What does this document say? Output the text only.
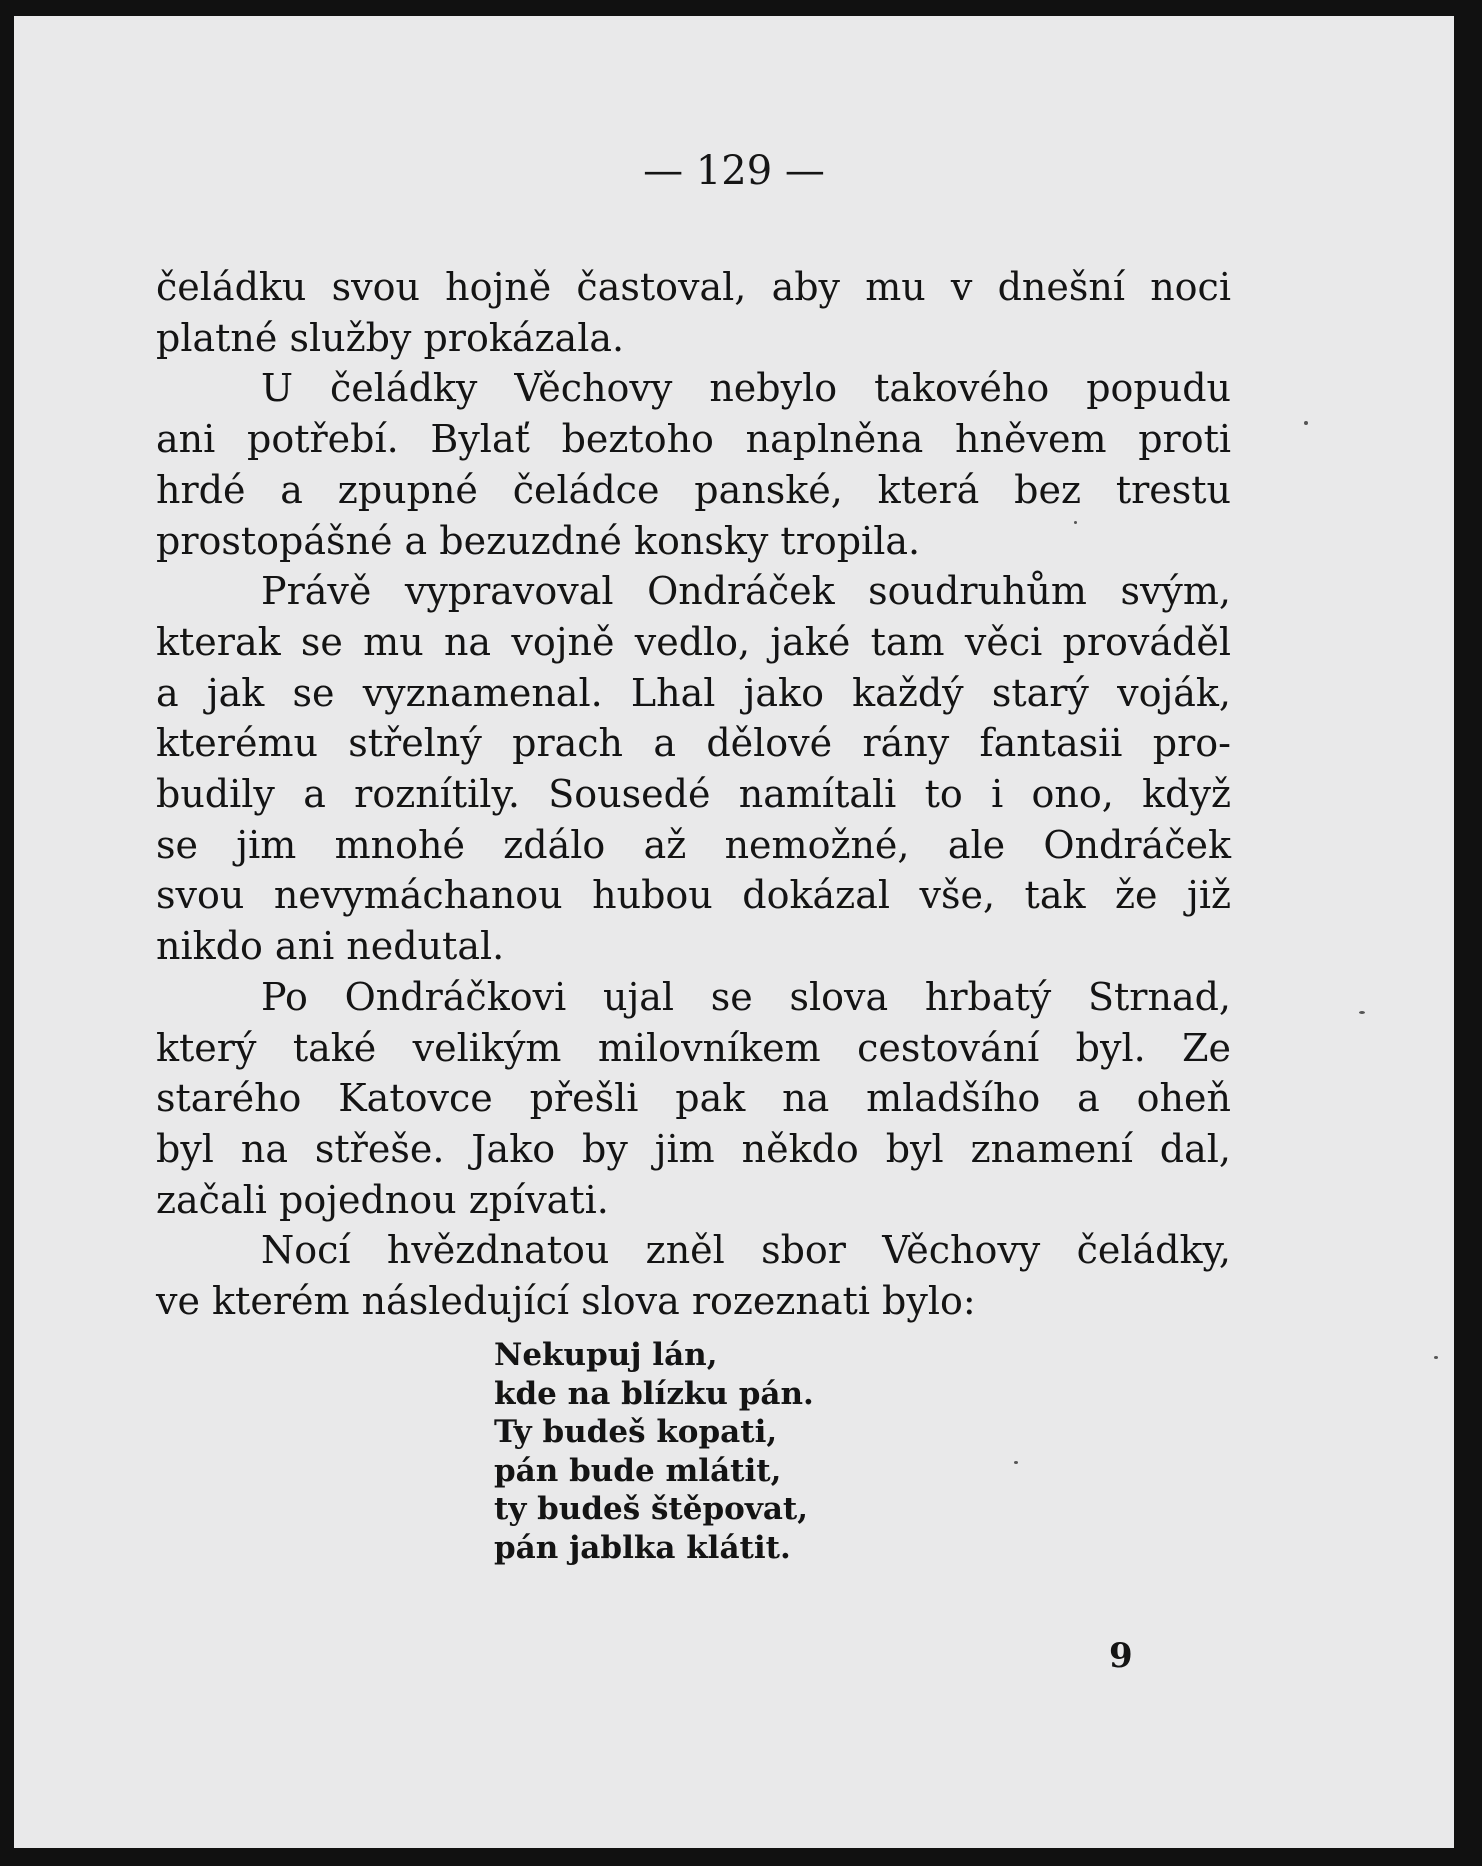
— 129 —
čeládku svou hojně častoval, aby mu v dnešní noci
platné služby prokázala.
U čeládky Věchovy nebylo takového popudu
ani potřebí. Bylať beztoho naplněna hněvem proti
hrdé a zpupné čeládce panské, která bez trestu
prostopášné a bezuzdné konsky tropila.
Právě vypravoval Ondráček soudruhům svým,
kterak se mu na vojně vedlo, jaké tam věci prováděl
a jak se vyznamenal. Lhal jako každý starý voják,
kterému střelný prach a dělové rány fantasii pro-
budily a roznítily. Sousedé namítali to i ono, když
se jim mnohé zdálo až nemožné, ale Ondráček
svou nevymáchanou hubou dokázal vše, tak že již
nikdo ani nedutal.
Po Ondráčkovi ujal se slova hrbatý Strnad,
který také velikým milovníkem cestování byl. Ze
starého Katovce přešli pak na mladšího a oheň
byl na střeše. Jako by jim někdo byl znamení dal,
začali pojednou zpívati.
Nocí hvězdnatou zněl sbor Věchovy čeládky,
ve kterém následující slova rozeznati bylo:
Nekupuj lán,
kde na blízku pán.
Ty budeš kopati,
pán bude mlátit,
ty budeš štěpovat,
pán jablka klátit.
9
